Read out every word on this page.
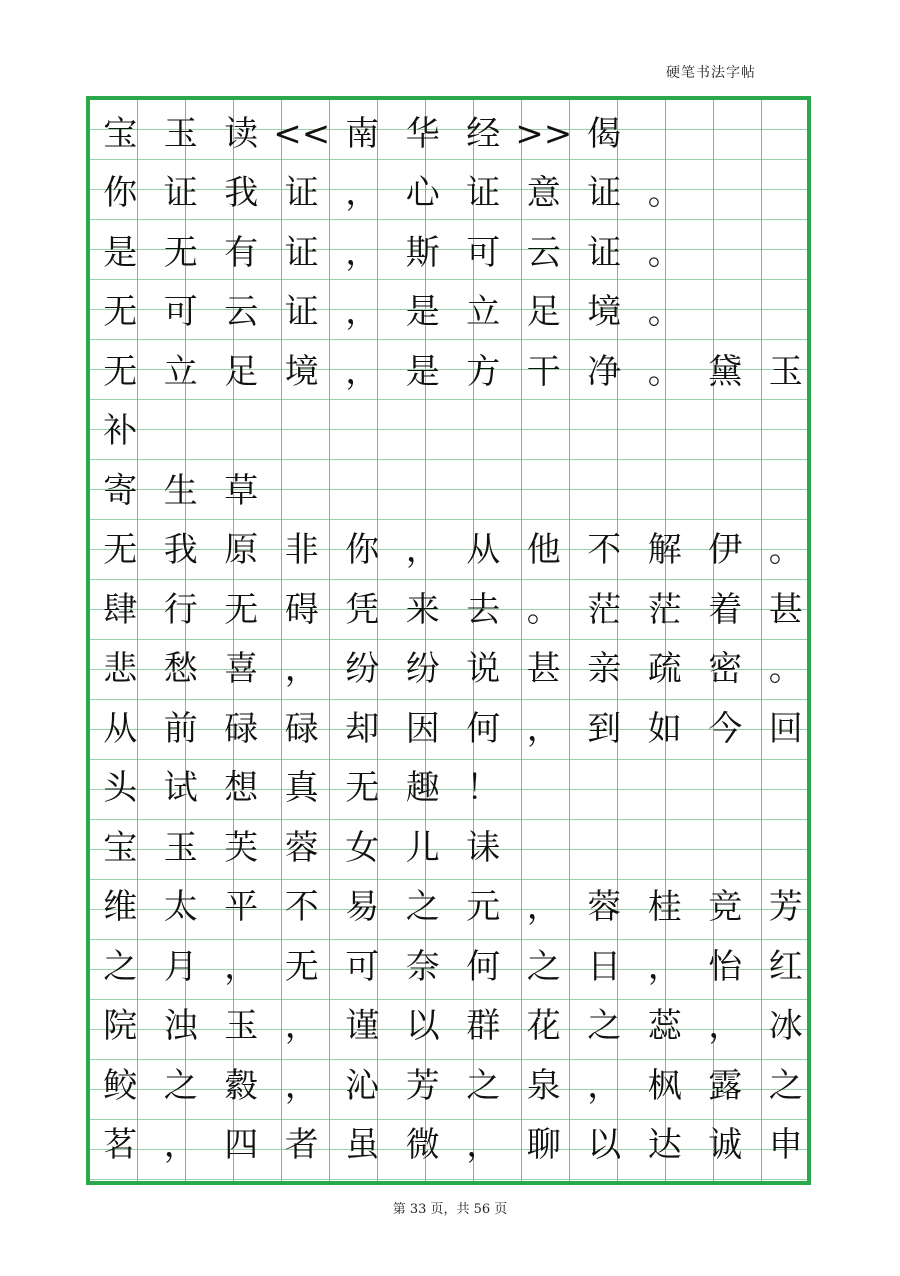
硬笔书法字帖
宝 玉 读 << 南 华 经 >> 偈
你 证 我 证 ， 心 证 意 证 。
是 无 有 证 ， 斯 可 云 证 。
无 可 云 证 ， 是 立 足 境 。
无 立 足 境 ， 是 方 干 净 。 黛 玉
补
寄 生 草
无 我 原 非 你 ， 从 他 不 解 伊 。
肆 行 无 碍 凭 来 去 。 茫 茫 着 甚
悲 愁 喜 ， 纷 纷 说 甚 亲 疏 密 。
从 前 碌 碌 却 因 何 ， 到 如 今 回
头 试 想 真 无 趣 ！
宝 玉 芙 蓉 女 儿 诔
维 太 平 不 易 之 元 ， 蓉 桂 竞 芳
之 月 ， 无 可 奈 何 之 日 ， 怡 红
院 浊 玉 ， 谨 以 群 花 之 蕊 ， 冰
鲛 之 縠 ， 沁 芳 之 泉 ， 枫 露 之
茗 ， 四 者 虽 微 ， 聊 以 达 诚 申
第 33 页，共 56 页
